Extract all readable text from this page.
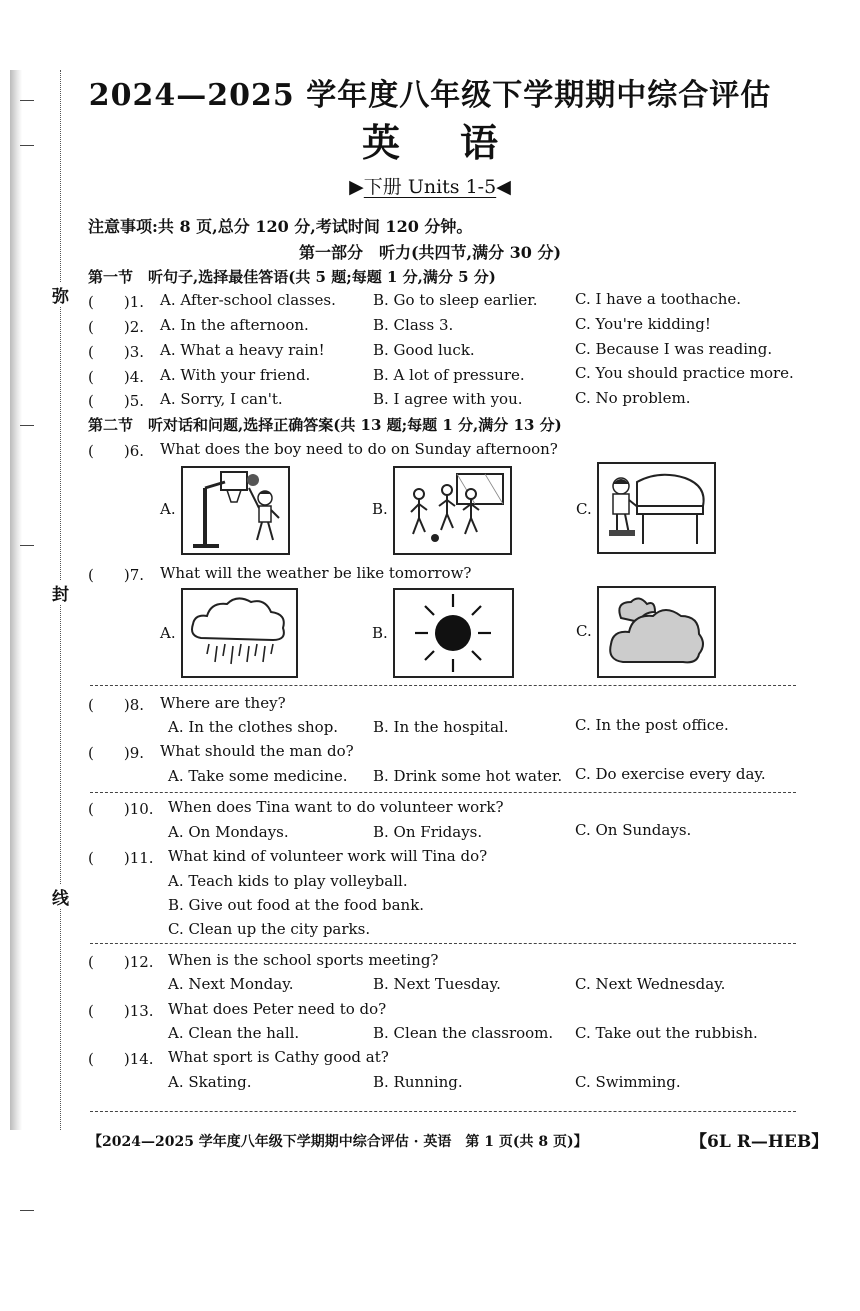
弥
封
线
2024—2025 学年度八年级下学期期中综合评估
英语
▶下册 Units 1-5◀
注意事项:共 8 页,总分 120 分,考试时间 120 分钟。
第一部分　听力(共四节,满分 30 分)
第一节　听句子,选择最佳答语(共 5 题;每题 1 分,满分 5 分)
(　　)1. A. After-school classes. B. Go to sleep earlier. C. I have a toothache.
(　　)2. A. In the afternoon.	B. Class 3.	C. You're kidding!
(　　)3. A. What a heavy rain!	B. Good luck.	C. Because I was reading.
(　　)4. A. With your friend.	B. A lot of pressure.	C. You should practice more.
(　　)5. A. Sorry, I can't.	B. I agree with you.	C. No problem.
第二节　听对话和问题,选择正确答案(共 13 题;每题 1 分,满分 13 分)
(　　)6. What does the boy need to do on Sunday afternoon?
A.	B.	C.
(　　)7. What will the weather be like tomorrow?
A.	B.	C.
(　　)8. Where are they?
A. In the clothes shop. B. In the hospital.	C. In the post office.
(　　)9. What should the man do?
A. Take some medicine. B. Drink some hot water. C. Do exercise every day.
(　　)10. When does Tina want to do volunteer work?
A. On Mondays.	B. On Fridays.	C. On Sundays.
(　　)11. What kind of volunteer work will Tina do?
A. Teach kids to play volleyball.
B. Give out food at the food bank.
C. Clean up the city parks.
(　　)12. When is the school sports meeting?
A. Next Monday.	B. Next Tuesday.	C. Next Wednesday.
(　　)13. What does Peter need to do?
A. Clean the hall.	B. Clean the classroom. C. Take out the rubbish.
(　　)14. What sport is Cathy good at?
A. Skating.	B. Running.	C. Swimming.
【2024—2025 学年度八年级下学期期中综合评估 · 英语　第 1 页(共 8 页)】	【6L R—HEB】
